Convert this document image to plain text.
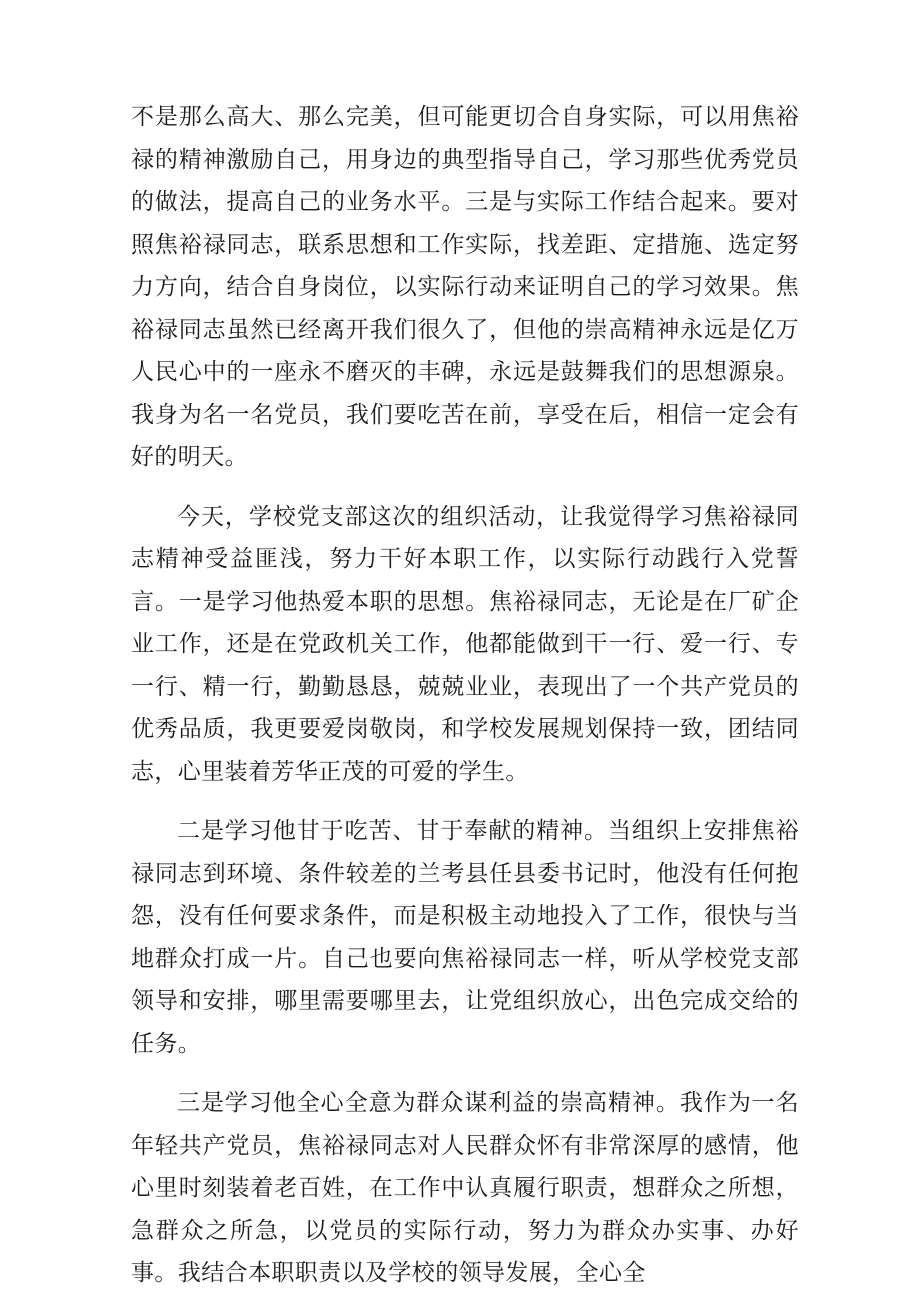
不是那么高大、那么完美，但可能更切合自身实际，可以用焦裕禄的精神激励自己，用身边的典型指导自己，学习那些优秀党员的做法，提高自己的业务水平。三是与实际工作结合起来。要对照焦裕禄同志，联系思想和工作实际，找差距、定措施、选定努力方向，结合自身岗位，以实际行动来证明自己的学习效果。焦裕禄同志虽然已经离开我们很久了，但他的崇高精神永远是亿万人民心中的一座永不磨灭的丰碑，永远是鼓舞我们的思想源泉。我身为名一名党员，我们要吃苦在前，享受在后，相信一定会有好的明天。

今天，学校党支部这次的组织活动，让我觉得学习焦裕禄同志精神受益匪浅，努力干好本职工作，以实际行动践行入党誓言。一是学习他热爱本职的思想。焦裕禄同志，无论是在厂矿企业工作，还是在党政机关工作，他都能做到干一行、爱一行、专一行、精一行，勤勤恳恳，兢兢业业，表现出了一个共产党员的优秀品质，我更要爱岗敬岗，和学校发展规划保持一致，团结同志，心里装着芳华正茂的可爱的学生。

二是学习他甘于吃苦、甘于奉献的精神。当组织上安排焦裕禄同志到环境、条件较差的兰考县任县委书记时，他没有任何抱怨，没有任何要求条件，而是积极主动地投入了工作，很快与当地群众打成一片。自己也要向焦裕禄同志一样，听从学校党支部领导和安排，哪里需要哪里去，让党组织放心，出色完成交给的任务。

三是学习他全心全意为群众谋利益的崇高精神。我作为一名年轻共产党员，焦裕禄同志对人民群众怀有非常深厚的感情，他心里时刻装着老百姓，在工作中认真履行职责，想群众之所想，急群众之所急，以党员的实际行动，努力为群众办实事、办好事。我结合本职职责以及学校的领导发展，全心全
